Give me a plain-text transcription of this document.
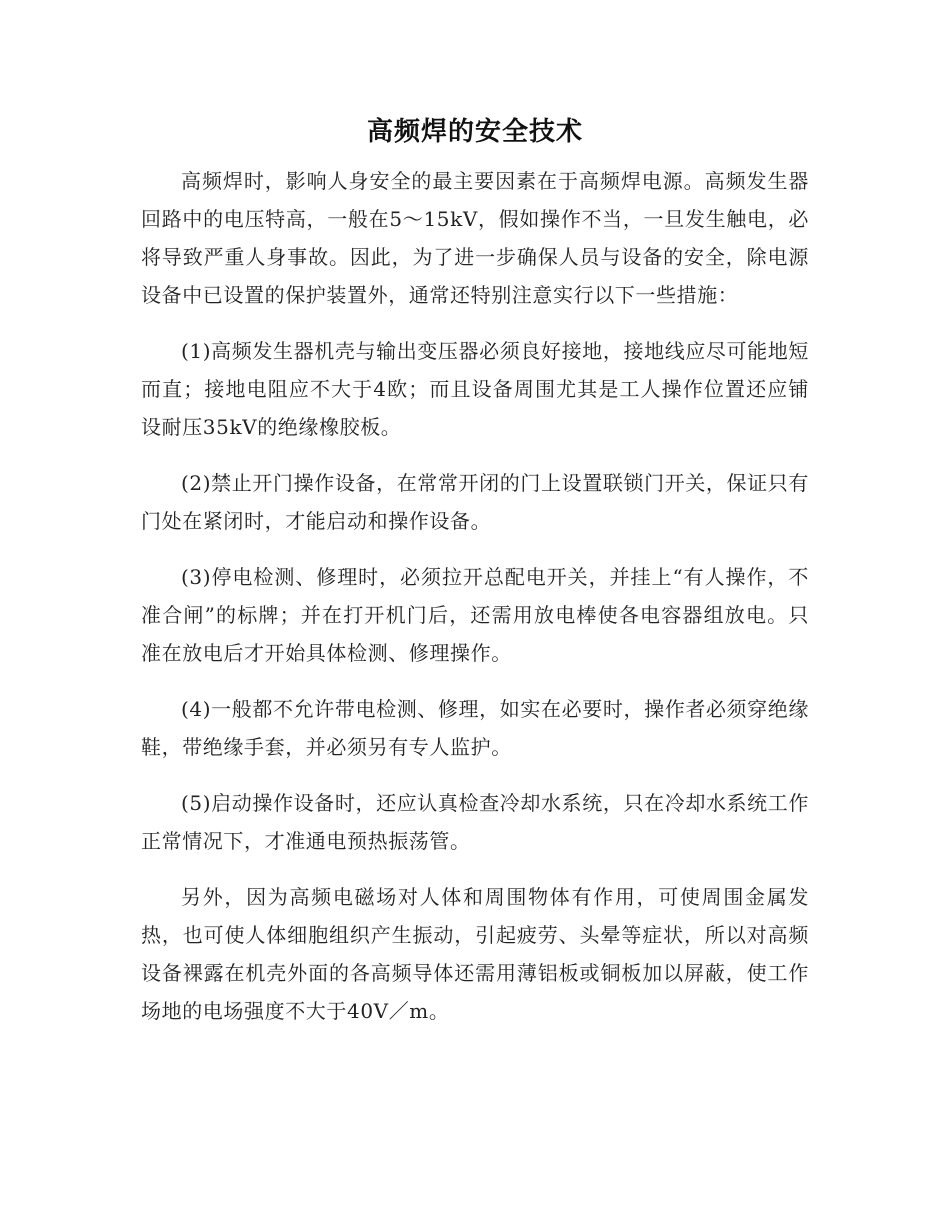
高频焊的安全技术

高频焊时，影响人身安全的最主要因素在于高频焊电源。高频发生器回路中的电压特高，一般在5～15kV，假如操作不当，一旦发生触电，必将导致严重人身事故。因此，为了进一步确保人员与设备的安全，除电源设备中已设置的保护装置外，通常还特别注意实行以下一些措施：

(1)高频发生器机壳与输出变压器必须良好接地，接地线应尽可能地短而直；接地电阻应不大于4欧；而且设备周围尤其是工人操作位置还应铺设耐压35kV的绝缘橡胶板。

(2)禁止开门操作设备，在常常开闭的门上设置联锁门开关，保证只有门处在紧闭时，才能启动和操作设备。

(3)停电检测、修理时，必须拉开总配电开关，并挂上“有人操作，不准合闸”的标牌；并在打开机门后，还需用放电棒使各电容器组放电。只准在放电后才开始具体检测、修理操作。

(4)一般都不允许带电检测、修理，如实在必要时，操作者必须穿绝缘鞋，带绝缘手套，并必须另有专人监护。

(5)启动操作设备时，还应认真检查冷却水系统，只在冷却水系统工作正常情况下，才准通电预热振荡管。

另外，因为高频电磁场对人体和周围物体有作用，可使周围金属发热，也可使人体细胞组织产生振动，引起疲劳、头晕等症状，所以对高频设备裸露在机壳外面的各高频导体还需用薄铝板或铜板加以屏蔽，使工作场地的电场强度不大于40V／m。
